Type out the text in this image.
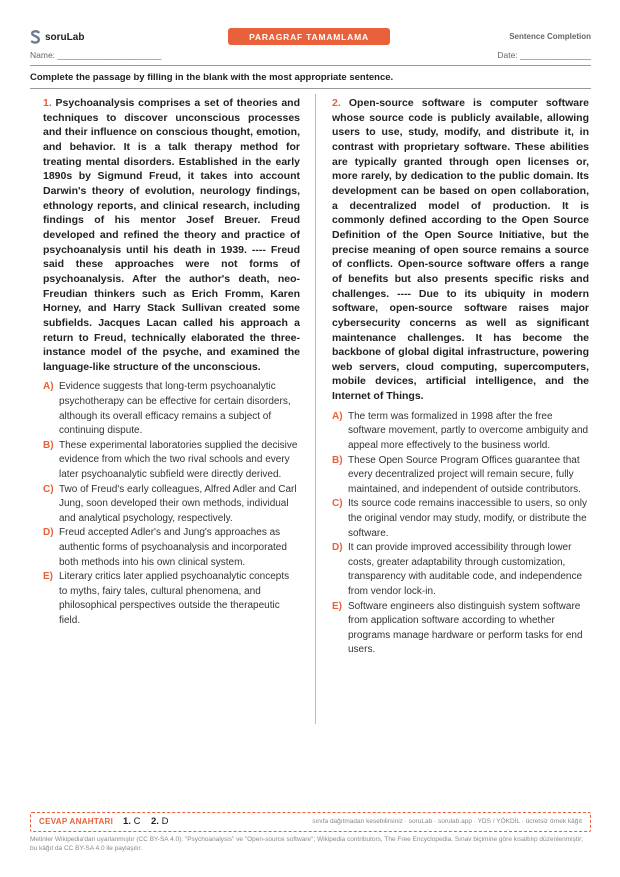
soruLab	PARAGRAF TAMAMLAMA	Sentence Completion
Name: ______________________	Date: _______________
Complete the passage by filling in the blank with the most appropriate sentence.

1. Psychoanalysis comprises a set of theories and techniques to discover unconscious processes and their influence on conscious thought, emotion, and behavior. It is a talk therapy method for treating mental disorders. Established in the early 1890s by Sigmund Freud, it takes into account Darwin's theory of evolution, neurology findings, ethnology reports, and clinical research, including findings of his mentor Josef Breuer. Freud developed and refined the theory and practice of psychoanalysis until his death in 1939. ---- Freud said these approaches were not forms of psychoanalysis. After the author's death, neo-Freudian thinkers such as Erich Fromm, Karen Horney, and Harry Stack Sullivan created some subfields. Jacques Lacan called his approach a return to Freud, technically elaborated the three-instance model of the psyche, and examined the language-like structure of the unconscious.

A) Evidence suggests that long-term psychoanalytic psychotherapy can be effective for certain disorders, although its overall efficacy remains a subject of continuing dispute.

B) These experimental laboratories supplied the decisive evidence from which the two rival schools and every later psychoanalytic subfield were directly derived.

C) Two of Freud's early colleagues, Alfred Adler and Carl Jung, soon developed their own methods, individual and analytical psychology, respectively.

D) Freud accepted Adler's and Jung's approaches as authentic forms of psychoanalysis and incorporated both methods into his own clinical system.

E) Literary critics later applied psychoanalytic concepts to myths, fairy tales, cultural phenomena, and philosophical perspectives outside the therapeutic field.

2. Open-source software is computer software whose source code is publicly available, allowing users to use, study, modify, and distribute it, in contrast with proprietary software. These abilities are typically granted through open licenses or, more rarely, by dedication to the public domain. Its development can be based on open collaboration, a decentralized model of production. It is commonly defined according to the Open Source Definition of the Open Source Initiative, but the precise meaning of open source remains a source of conflicts. Open-source software offers a range of benefits but also presents specific risks and challenges. ---- Due to its ubiquity in modern software, open-source software raises major cybersecurity concerns as well as significant maintenance challenges. It has become the backbone of global digital infrastructure, powering web servers, cloud computing, supercomputers, mobile devices, artificial intelligence, and the Internet of Things.

A) The term was formalized in 1998 after the free software movement, partly to overcome ambiguity and appeal more effectively to the business world.

B) These Open Source Program Offices guarantee that every decentralized project will remain secure, fully maintained, and independent of outside contributors.

C) Its source code remains inaccessible to users, so only the original vendor may study, modify, or distribute the software.

D) It can provide improved accessibility through lower costs, greater adaptability through customization, transparency with auditable code, and independence from vendor lock-in.

E) Software engineers also distinguish system software from application software according to whether programs manage hardware or perform tasks for end users.

CEVAP ANAHTARI 1. C 2. D	sınıfa dağıtmadan kesebilirsiniz · soruLab · sorulab.app · YDS / YÖKDİL · ücretsiz örnek kâğıt
Metinler Wikipedia'dan uyarlanmıştır (CC BY-SA 4.0): "Psychoanalysis" ve "Open-source software"; Wikipedia contributors, The Free Encyclopedia. Sınav biçimine göre kısaltılıp düzenlenmiştir; bu kâğıt da CC BY-SA 4.0 ile paylaşılır.
